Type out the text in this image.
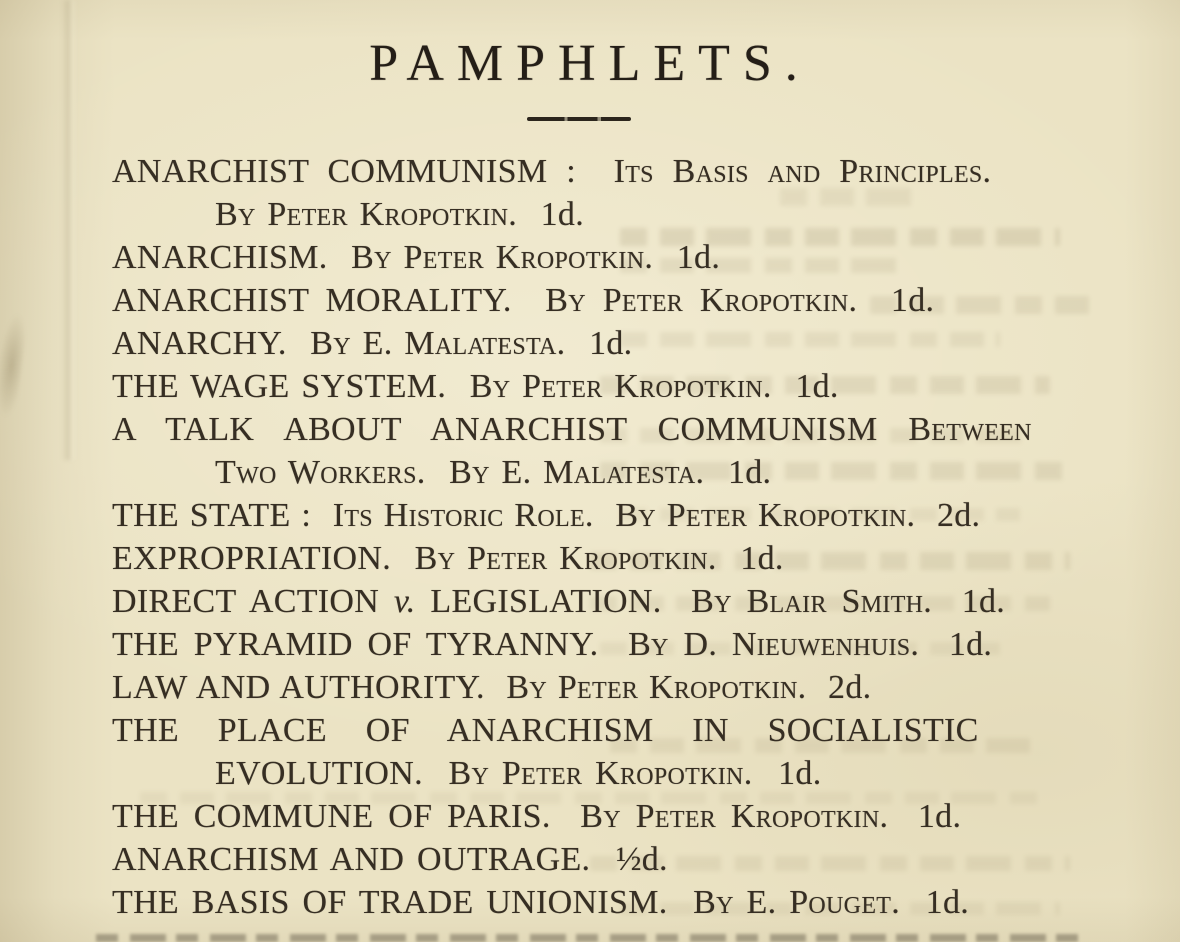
PAMPHLETS.
ANARCHIST COMMUNISM :  Its Basis and Principles.
By Peter Kropotkin.  1d.
ANARCHISM.  By Peter Kropotkin.  1d.
ANARCHIST MORALITY.  By Peter Kropotkin.  1d.
ANARCHY.  By E. Malatesta.  1d.
THE WAGE SYSTEM.  By Peter Kropotkin.  1d.
A TALK ABOUT ANARCHIST COMMUNISM Between
Two Workers.  By E. Malatesta.  1d.
THE STATE :  Its Historic Role.  By Peter Kropotkin.  2d.
EXPROPRIATION.  By Peter Kropotkin.  1d.
DIRECT ACTION v. LEGISLATION.  By Blair Smith.  1d.
THE PYRAMID OF TYRANNY.  By D. Nieuwenhuis.  1d.
LAW AND AUTHORITY.  By Peter Kropotkin.  2d.
THE PLACE OF ANARCHISM IN SOCIALISTIC
EVOLUTION.  By Peter Kropotkin.  1d.
THE COMMUNE OF PARIS.  By Peter Kropotkin.  1d.
ANARCHISM AND OUTRAGE.  ½d.
THE BASIS OF TRADE UNIONISM.  By E. Pouget.  1d.
